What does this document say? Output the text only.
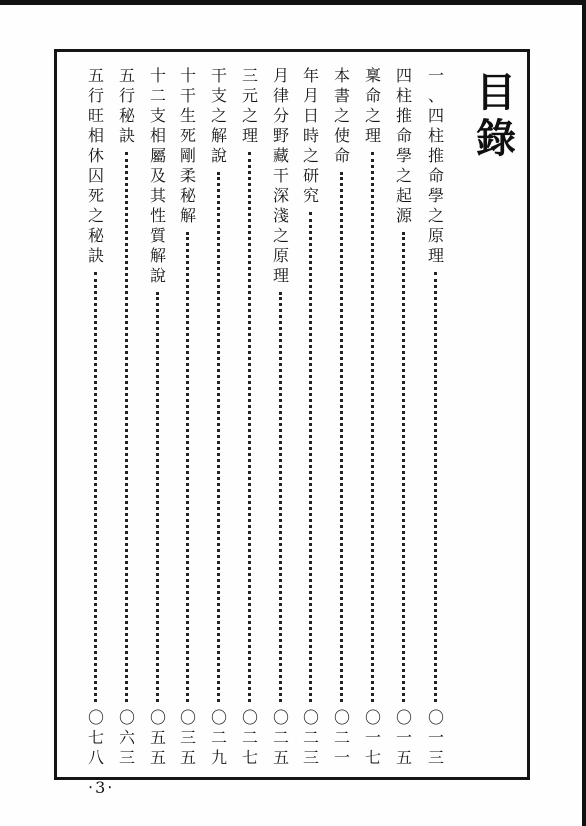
目
錄
一
、
四
柱
推
命
學
之
原
理
〇
一
三
四
柱
推
命
學
之
起
源
〇
一
五
稟
命
之
理
〇
一
七
本
書
之
使
命
〇
二
一
年
月
日
時
之
研
究
〇
二
三
月
律
分
野
藏
干
深
淺
之
原
理
〇
二
五
三
元
之
理
〇
二
七
干
支
之
解
說
〇
二
九
十
干
生
死
剛
柔
秘
解
〇
三
五
十
二
支
相
屬
及
其
性
質
解
說
〇
五
五
五
行
秘
訣
〇
六
三
五
行
旺
相
休
囚
死
之
秘
訣
〇
七
八
‧3‧
